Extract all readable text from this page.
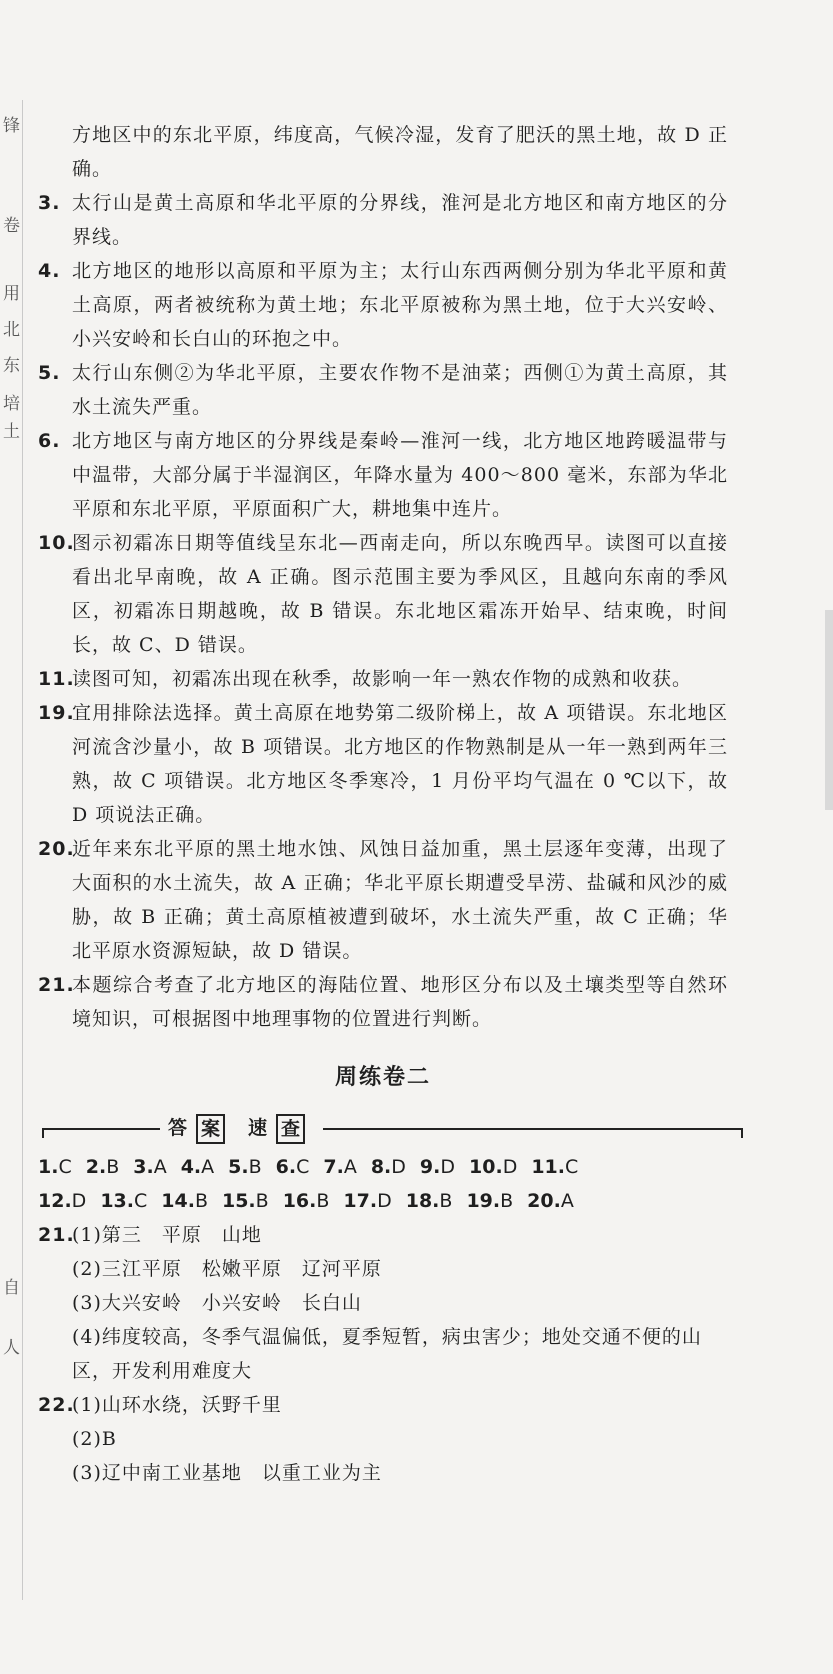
锋
卷
用
北
东
培
土
自
人

方地区中的东北平原，纬度高，气候冷湿，发育了肥沃的黑土地，故 D 正确。

3. 太行山是黄土高原和华北平原的分界线，淮河是北方地区和南方地区的分界线。

4. 北方地区的地形以高原和平原为主；太行山东西两侧分别为华北平原和黄土高原，两者被统称为黄土地；东北平原被称为黑土地，位于大兴安岭、小兴安岭和长白山的环抱之中。

5. 太行山东侧②为华北平原，主要农作物不是油菜；西侧①为黄土高原，其水土流失严重。

6. 北方地区与南方地区的分界线是秦岭—淮河一线，北方地区地跨暖温带与中温带，大部分属于半湿润区，年降水量为 400～800 毫米，东部为华北平原和东北平原，平原面积广大，耕地集中连片。

10.
图示初霜冻日期等值线呈东北—西南走向，所以东晚西早。读图可以直接看出北早南晚，故 A 正确。图示范围主要为季风区，且越向东南的季风区，初霜冻日期越晚，故 B 错误。东北地区霜冻开始早、结束晚，时间长，故 C、D 错误。

11.
读图可知，初霜冻出现在秋季，故影响一年一熟农作物的成熟和收获。

19.
宜用排除法选择。黄土高原在地势第二级阶梯上，故 A 项错误。东北地区河流含沙量小，故 B 项错误。北方地区的作物熟制是从一年一熟到两年三熟，故 C 项错误。北方地区冬季寒冷，1 月份平均气温在 0 ℃以下，故 D 项说法正确。

20.
近年来东北平原的黑土地水蚀、风蚀日益加重，黑土层逐年变薄，出现了大面积的水土流失，故 A 正确；华北平原长期遭受旱涝、盐碱和风沙的威胁，故 B 正确；黄土高原植被遭到破坏，水土流失严重，故 C 正确；华北平原水资源短缺，故 D 错误。

21.
本题综合考查了北方地区的海陆位置、地形区分布以及土壤类型等自然环境知识，可根据图中地理事物的位置进行判断。

周练卷二
答 案 速 查
1.C 2.B 3.A 4.A 5.B 6.C 7.A 8.D 9.D 10.D 11.C
12.D 13.C 14.B 15.B 16.B 17.D 18.B 19.B 20.A

21.
(1)第三　平原　山地

(2)三江平原　松嫩平原　辽河平原
(3)大兴安岭　小兴安岭　长白山
(4)纬度较高，冬季气温偏低，夏季短暂，病虫害少；地处交通不便的山区，开发利用难度大

22.
(1)山环水绕，沃野千里

(2)B
(3)辽中南工业基地　以重工业为主
